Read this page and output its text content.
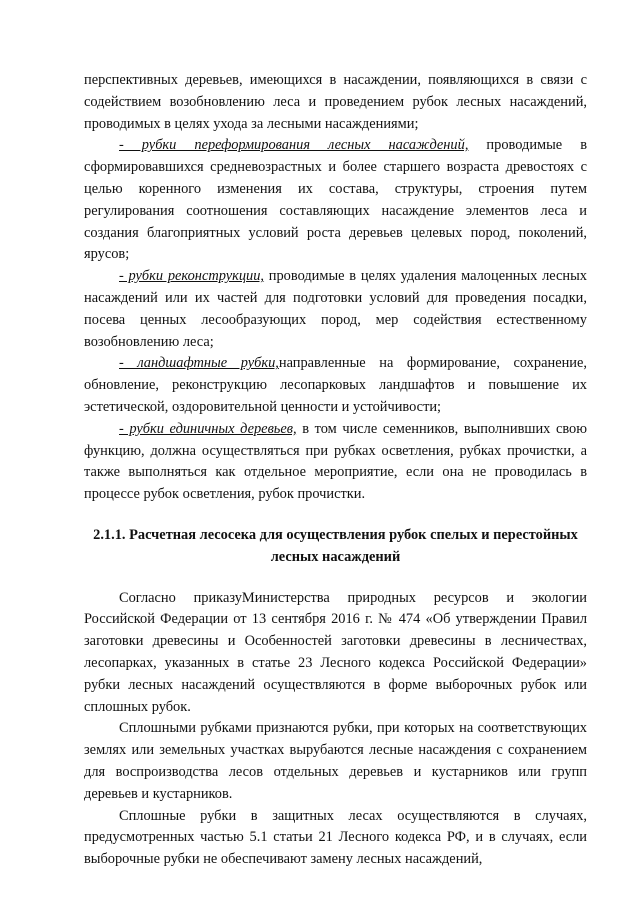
перспективных деревьев, имеющихся в насаждении, появляющихся в связи с содействием возобновлению леса и проведением рубок лесных насаждений, проводимых в целях ухода за лесными насаждениями;

- рубки переформирования лесных насаждений, проводимые в сформировавшихся средневозрастных и более старшего возраста древостоях с целью коренного изменения их состава, структуры, строения путем регулирования соотношения составляющих насаждение элементов леса и создания благоприятных условий роста деревьев целевых пород, поколений, ярусов;

- рубки реконструкции, проводимые в целях удаления малоценных лесных насаждений или их частей для подготовки условий для проведения посадки, посева ценных лесообразующих пород, мер содействия естественному возобновлению леса;

- ландшафтные рубки,направленные на формирование, сохранение, обновление, реконструкцию лесопарковых ландшафтов и повышение их эстетической, оздоровительной ценности и устойчивости;

- рубки единичных деревьев, в том числе семенников, выполнивших свою функцию, должна осуществляться при рубках осветления, рубках прочистки, а также выполняться как отдельное мероприятие, если она не проводилась в процессе рубок осветления, рубок прочистки.

2.1.1. Расчетная лесосека для осуществления рубок спелых и перестойных лесных насаждений

Согласно приказуМинистерства природных ресурсов и экологии Российской Федерации от 13 сентября 2016 г. № 474 «Об утверждении Правил заготовки древесины и Особенностей заготовки древесины в лесничествах, лесопарках, указанных в статье 23 Лесного кодекса Российской Федерации» рубки лесных насаждений осуществляются в форме выборочных рубок или сплошных рубок.

Сплошными рубками признаются рубки, при которых на соответствующих землях или земельных участках вырубаются лесные насаждения с сохранением для воспроизводства лесов отдельных деревьев и кустарников или групп деревьев и кустарников.

Сплошные рубки в защитных лесах осуществляются в случаях, предусмотренных частью 5.1 статьи 21 Лесного кодекса РФ, и в случаях, если выборочные рубки не обеспечивают замену лесных насаждений,
